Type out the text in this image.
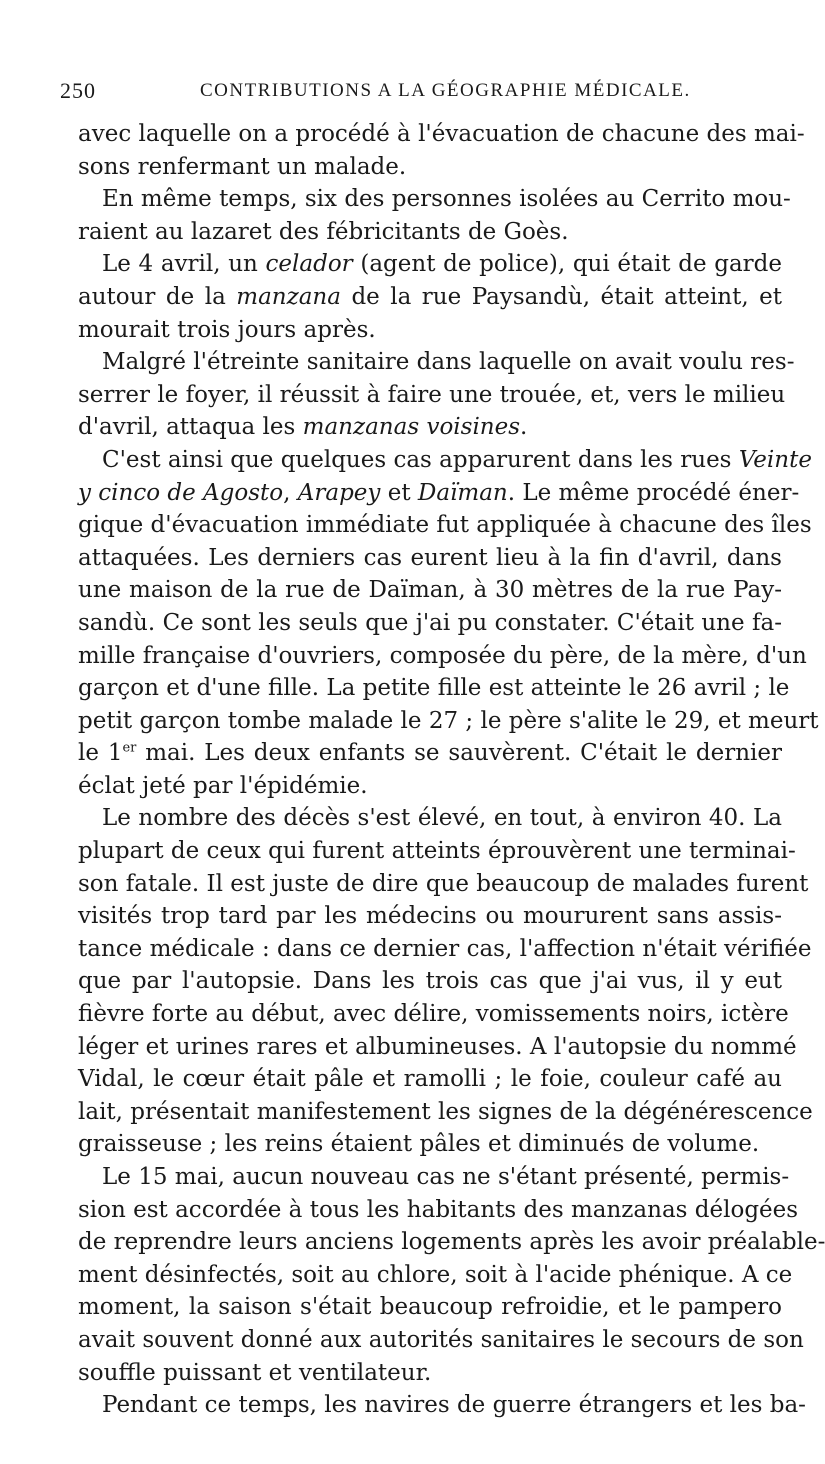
250	CONTRIBUTIONS A LA GÉOGRAPHIE MÉDICALE.
avec laquelle on a procédé à l'évacuation de chacune des mai-
sons renfermant un malade.
En même temps, six des personnes isolées au Cerrito mou-
raient au lazaret des fébricitants de Goès.
Le 4 avril, un celador (agent de police), qui était de garde
autour de la manzana de la rue Paysandù, était atteint, et
mourait trois jours après.
Malgré l'étreinte sanitaire dans laquelle on avait voulu res-
serrer le foyer, il réussit à faire une trouée, et, vers le milieu
d'avril, attaqua les manzanas voisines.
C'est ainsi que quelques cas apparurent dans les rues Veinte
y cinco de Agosto, Arapey et Daïman. Le même procédé éner-
gique d'évacuation immédiate fut appliquée à chacune des îles
attaquées. Les derniers cas eurent lieu à la fin d'avril, dans
une maison de la rue de Daïman, à 30 mètres de la rue Pay-
sandù. Ce sont les seuls que j'ai pu constater. C'était une fa-
mille française d'ouvriers, composée du père, de la mère, d'un
garçon et d'une fille. La petite fille est atteinte le 26 avril ; le
petit garçon tombe malade le 27 ; le père s'alite le 29, et meurt
le 1er mai. Les deux enfants se sauvèrent. C'était le dernier
éclat jeté par l'épidémie.
Le nombre des décès s'est élevé, en tout, à environ 40. La
plupart de ceux qui furent atteints éprouvèrent une terminai-
son fatale. Il est juste de dire que beaucoup de malades furent
visités trop tard par les médecins ou moururent sans assis-
tance médicale : dans ce dernier cas, l'affection n'était vérifiée
que par l'autopsie. Dans les trois cas que j'ai vus, il y eut
fièvre forte au début, avec délire, vomissements noirs, ictère
léger et urines rares et albumineuses. A l'autopsie du nommé
Vidal, le cœur était pâle et ramolli ; le foie, couleur café au
lait, présentait manifestement les signes de la dégénérescence
graisseuse ; les reins étaient pâles et diminués de volume.
Le 15 mai, aucun nouveau cas ne s'étant présenté, permis-
sion est accordée à tous les habitants des manzanas délogées
de reprendre leurs anciens logements après les avoir préalable-
ment désinfectés, soit au chlore, soit à l'acide phénique. A ce
moment, la saison s'était beaucoup refroidie, et le pampero
avait souvent donné aux autorités sanitaires le secours de son
souffle puissant et ventilateur.
Pendant ce temps, les navires de guerre étrangers et les ba-
